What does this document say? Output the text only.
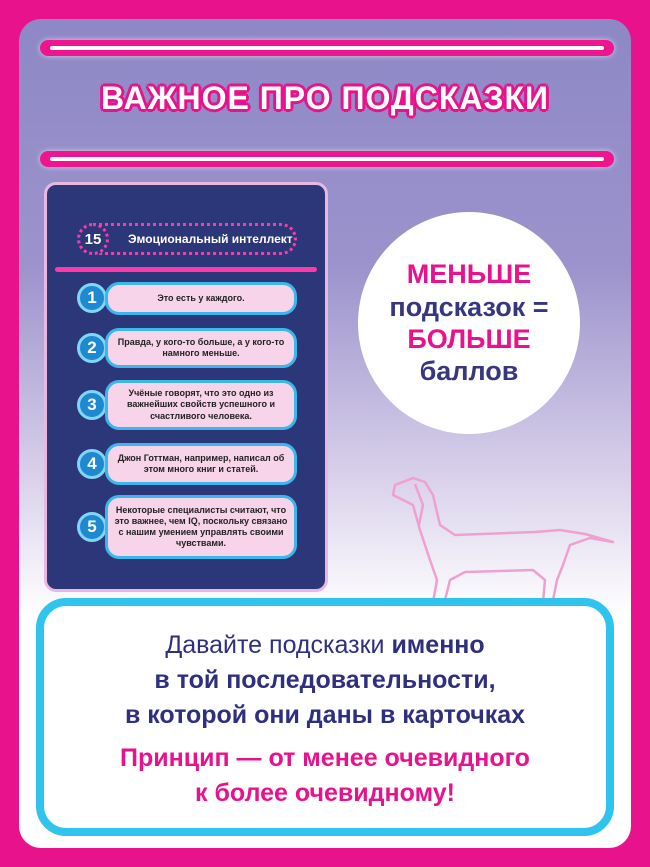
ВАЖНОЕ ПРО ПОДСКАЗКИ
15	Эмоциональный интеллект
1	Это есть у каждого.
2	Правда, у кого-то больше, а у кого-то намного меньше.
3
Учёные говорят, что это одно из важнейших свойств успешного и счастливого человека.
4	Джон Готтман, например, написал об этом много книг и статей.
5
Некоторые специалисты считают, что это важнее, чем IQ, поскольку связано с нашим умением управлять своими чувствами.
МЕНЬШЕ
подсказок =
БОЛЬШЕ
баллов
Давайте подсказки именно
в той последовательности,
в которой они даны в карточках
Принцип — от менее очевидного
к более очевидному!
